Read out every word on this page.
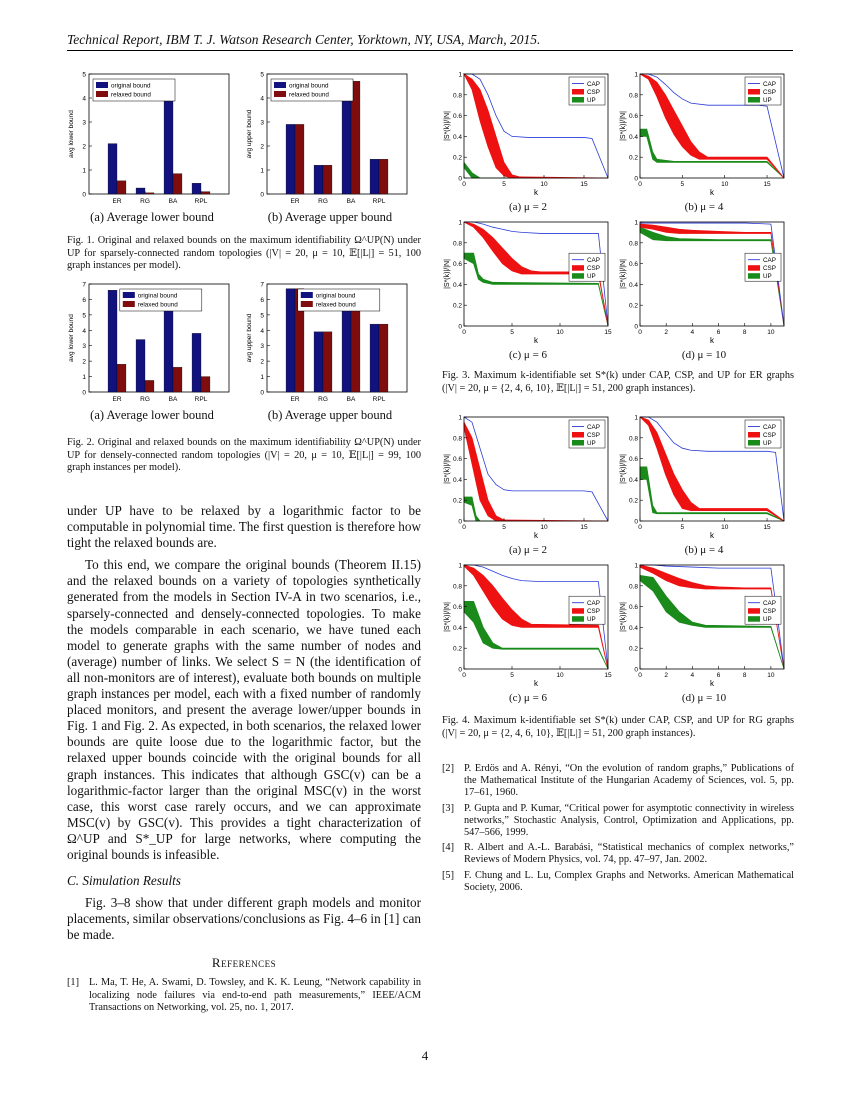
Technical Report, IBM T. J. Watson Research Center, Yorktown, NY, USA, March, 2015.
0
1
2
3
4
5
avg lower bound
ER	RG	BA	RPL
original bound
relaxed bound
0
1
2
3
4
5
avg upper bound
ER	RG	BA	RPL
original bound
relaxed bound
(a) Average lower bound	(b) Average upper bound
Fig. 1. Original and relaxed bounds on the maximum identifiability Ω^UP(N) under UP for sparsely-connected random topologies (|V| = 20, μ = 10, 𝔼[|L|] = 51, 100 graph instances per model).
0
1
2
3
4
5
6
7
avg lower bound
ER	RG	BA	RPL
original bound
relaxed bound
0
1
2
3
4
5
6
7
avg upper bound
ER	RG	BA	RPL
original bound
relaxed bound
(a) Average lower bound	(b) Average upper bound
Fig. 2. Original and relaxed bounds on the maximum identifiability Ω^UP(N) under UP for densely-connected random topologies (|V| = 20, μ = 10, 𝔼[|L|] = 99, 100 graph instances per model).

under UP have to be relaxed by a logarithmic factor to be computable in polynomial time. The first question is therefore how tight the relaxed bounds are.

To this end, we compare the original bounds (Theorem II.15) and the relaxed bounds on a variety of topologies synthetically generated from the models in Section IV-A in two scenarios, i.e., sparsely-connected and densely-connected topologies. To make the models comparable in each scenario, we have tuned each model to generate graphs with the same number of nodes and (average) number of links. We select S = N (the identification of all non-monitors are of interest), evaluate both bounds on multiple graph instances per model, each with a fixed number of randomly placed monitors, and present the average lower/upper bounds in Fig. 1 and Fig. 2. As expected, in both scenarios, the relaxed lower bounds are quite loose due to the logarithmic factor, but the relaxed upper bounds coincide with the original bounds for all graph instances. This indicates that although GSC(v) can be a logarithmic-factor larger than the original MSC(v) in the worst case, this worst case rarely occurs, and we can approximate MSC(v) by GSC(v). This provides a tight characterization of Ω^UP and S*_UP for large networks, where computing the original bounds is infeasible.

C. Simulation Results

Fig. 3–8 show that under different graph models and monitor placements, similar observations/conclusions as Fig. 4–6 in [1] can be made.

References
[1] L. Ma, T. He, A. Swami, D. Towsley, and K. K. Leung, “Network capability in localizing node failures via end-to-end path measurements,” IEEE/ACM Transactions on Networking, vol. 25, no. 1, 2017.
0
0.2
0.4
0.6
0.8
1
0	5	10	15
k
|S*(k)|/|N|
CAP
CSP
UP
0
0.2
0.4
0.6
0.8
1
0	5	10	15
k
|S*(k)|/|N|
CAP
CSP
UP
(a) μ = 2	(b) μ = 4
0
0.2
0.4
0.6
0.8
1
0	5	10	15
k
|S*(k)|/|N|	CAP
CSP
UP
0
0.2
0.4
0.6
0.8
1
0	2	4	6	8	10
k
|S*(k)|/|N|	CAP
CSP
UP
(c) μ = 6	(d) μ = 10
Fig. 3. Maximum k-identifiable set S*(k) under CAP, CSP, and UP for ER graphs (|V| = 20, μ = {2, 4, 6, 10}, 𝔼[|L|] = 51, 200 graph instances).
0
0.2
0.4
0.6
0.8
1
0	5	10	15
k
|S*(k)|/|N|
CAP
CSP
UP
0
0.2
0.4
0.6
0.8
1
0	5	10	15
k
|S*(k)|/|N|
CAP
CSP
UP
(a) μ = 2	(b) μ = 4
0
0.2
0.4
0.6
0.8
1
0	5	10	15
k
|S*(k)|/|N|	CAP
CSP
UP
0
0.2
0.4
0.6
0.8
1
0	2	4	6	8	10
k
|S*(k)|/|N|	CAP
CSP
UP
(c) μ = 6	(d) μ = 10
Fig. 4. Maximum k-identifiable set S*(k) under CAP, CSP, and UP for RG graphs (|V| = 20, μ = {2, 4, 6, 10}, 𝔼[|L|] = 51, 200 graph instances).
[2] P. Erdös and A. Rényi, “On the evolution of random graphs,” Publications of the Mathematical Institute of the Hungarian Academy of Sciences, vol. 5, pp. 17–61, 1960.
[3] P. Gupta and P. Kumar, “Critical power for asymptotic connectivity in wireless networks,” Stochastic Analysis, Control, Optimization and Applications, pp. 547–566, 1999.
[4] R. Albert and A.-L. Barabási, “Statistical mechanics of complex networks,” Reviews of Modern Physics, vol. 74, pp. 47–97, Jan. 2002.
[5] F. Chung and L. Lu, Complex Graphs and Networks. American Mathematical Society, 2006.
4
